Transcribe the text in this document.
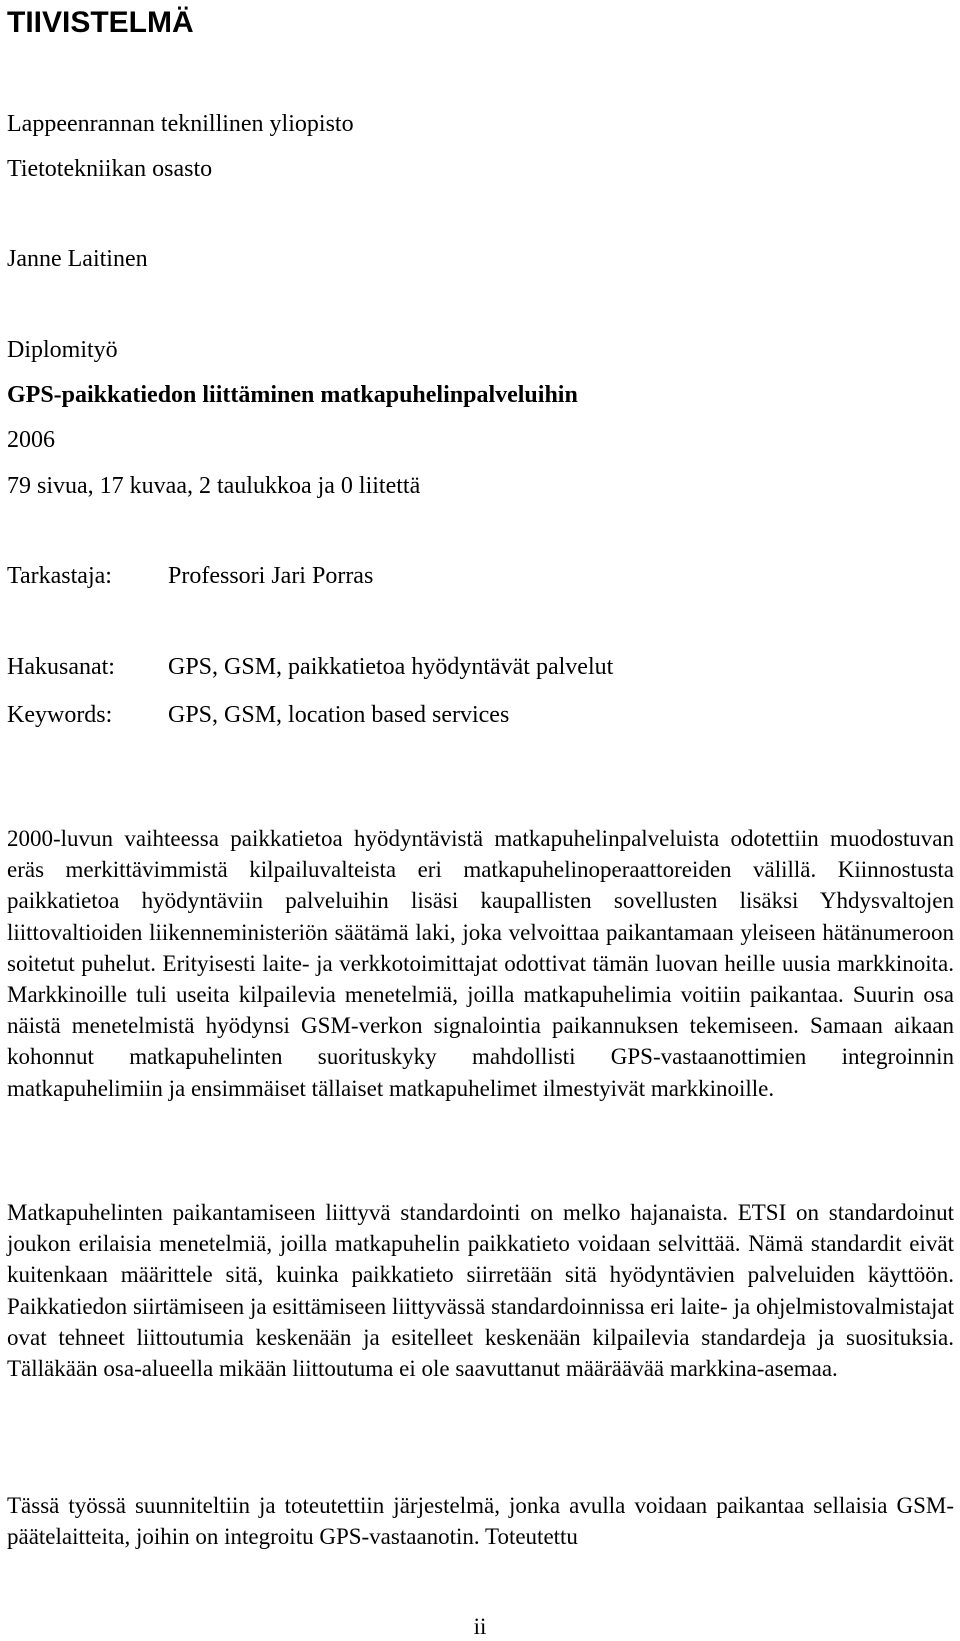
TIIVISTELMÄ
Lappeenrannan teknillinen yliopisto
Tietotekniikan osasto
Janne Laitinen
Diplomityö
GPS-paikkatiedon liittäminen matkapuhelinpalveluihin
2006
79 sivua, 17 kuvaa, 2 taulukkoa ja 0 liitettä
Tarkastaja: Professori Jari Porras
Hakusanat: GPS, GSM, paikkatietoa hyödyntävät palvelut
Keywords: GPS, GSM, location based services

2000-luvun vaihteessa paikkatietoa hyödyntävistä matkapuhelinpalveluista odotettiin muodostuvan eräs merkittävimmistä kilpailuvalteista eri matkapuhelinoperaattoreiden välillä. Kiinnostusta paikkatietoa hyödyntäviin palveluihin lisäsi kaupallisten sovellusten lisäksi Yhdysvaltojen liittovaltioiden liikenneministeriön säätämä laki, joka velvoittaa paikantamaan yleiseen hätänumeroon soitetut puhelut. Erityisesti laite- ja verkkotoimittajat odottivat tämän luovan heille uusia markkinoita. Markkinoille tuli useita kilpailevia menetelmiä, joilla matkapuhelimia voitiin paikantaa. Suurin osa näistä menetelmistä hyödynsi GSM-verkon signalointia paikannuksen tekemiseen. Samaan aikaan kohonnut matkapuhelinten suorituskyky mahdollisti GPS-vastaanottimien integroinnin matkapuhelimiin ja ensimmäiset tällaiset matkapuhelimet ilmestyivät markkinoille.

Matkapuhelinten paikantamiseen liittyvä standardointi on melko hajanaista. ETSI on standardoinut joukon erilaisia menetelmiä, joilla matkapuhelin paikkatieto voidaan selvittää. Nämä standardit eivät kuitenkaan määrittele sitä, kuinka paikkatieto siirretään sitä hyödyntävien palveluiden käyttöön. Paikkatiedon siirtämiseen ja esittämiseen liittyvässä standardoinnissa eri laite- ja ohjelmistovalmistajat ovat tehneet liittoutumia keskenään ja esitelleet keskenään kilpailevia standardeja ja suosituksia. Tälläkään osa-alueella mikään liittoutuma ei ole saavuttanut määräävää markkina-asemaa.

Tässä työssä suunniteltiin ja toteutettiin järjestelmä, jonka avulla voidaan paikantaa sellaisia GSM-päätelaitteita, joihin on integroitu GPS-vastaanotin. Toteutettu

ii
